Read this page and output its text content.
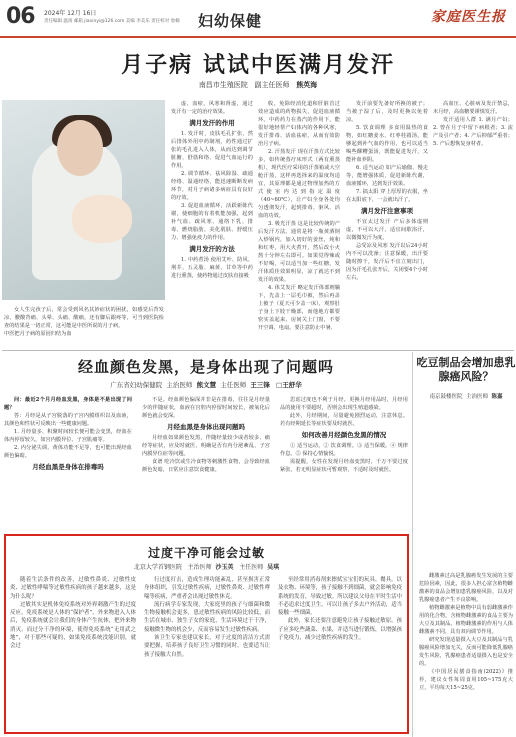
06 2024年 12月 16日
责任编辑 温靖 邮箱 jiaxinyi@126.com 美编 李美乐 责任校对 詹楠 妇幼保健	家庭医生报
月子病 试试中医满月发汗
南昌市生殖医院 副主任医师 熊英海

女人生完孩子后，常会受到风名其妙症状的困扰，如感觉后背发凉、腰酸背痛、头晕、头痛、酸痛，还有脚后跟疼等，可当到医院检查的结果是一切正常，这可能是中医所说的月子病。
中医把月子病的原因归结为血

虚、血瘀，风寒和肾虚，通过发汗有一定的治疗效果。

满月发汗的作用

1. 发汗时，皮肤毛孔扩张，然后排体外用中药制剂，药性通过扩张的毛孔进入人体，从而达到调节脏腑、舒筋和络、促进气血运行的作用。

2. 调节循环、祛风除湿、疏通经络、温通经络，能迅速断断发病环节，对月子病诸多病症具有良好的疗效。

3. 促进血液循环，活跃新陈代谢，使细胞的有着机能加强，起到补气血、疏风寒、通络下乳、排毒、燃烧脂肪、美化肌肤、舒缓压力、增强免疫力的作用。

满月发汗的方法

1. 中药煮汤 使用艾叶、防风、荆芥、五灵脂、麻黄、甘草等中药进行熏蒸，使药物通过皮肤直接吸

收，免除经消化道和肝脏首过效应造成的药物损失，促进血液循环。中药药力在蒸汽的作用下，能很好地轻帮产妇体内的各种风寒，发汗排毒、活血祛瘀，从而有效防治月子病。

2. 汗蒸发汗 现在汗蒸方式比较多，如传统蒸疗床形式（两有熏蒸机），现代医疗采用的汗蒸箱或大空舱汗蒸，这样再选择来的温度均适宜，其原理都是通过物理加热的方式使室内达到指定温度（40~60℃），让产妇全身各处均匀透彻发汗，起到排毒、驱风、活血的功效。

3. 吸光汗蒸 这是比较传统的产后发汗方法。通常是将一瓶黄酒倒入炒锅内，加入切好的姜丝，炖和和红枣，用大火煮开，然后改小火熬十分钟左右即可。如果觉得辣或不好喝，可以适当加一些红糖，发汗体质佳效果明显，凉了就达不到发汗的效果。

4. 体艾发汗 略定发汗体部则躺下，先盖上一层毛巾被，然后再盖上被子（夏天可少盖一床），观察肚子身上下肢干燥部，而他地方都要密实盖起来，房间关上门窗，不要开空调、电扇。要注意防止中暑、

发汗前要先备好所换的被子；当被子湿了后，及时更换以免着凉。

5. 饮食调理 多食用温热的食物，如红糖姜水、红枣桂圆汤，能够起到补气血的作用，也可以适当喝些醪糟蛋汤，既能促进发汗，又能补血养阴。

6. 适当运动 如产后瑜伽、慢走等，能增强体质，促进新陈代谢，血液循环，达到发汗效果。

7. 搞太阳 穿上厚厚的衣服，坐在太阳底下，一会就出汗了。

满月发汗注意事项

不宜太过发汗 产后多体虚则虚，不可以大汗，适宜间歇浴汗，以微微发汗为度。

忌受凉及风寒 发汗以后24小时内不可以洗澡；注意保暖，出汗要随时擦干，发汗后不宜立刻出门，因为汗毛孔张开后，关闭要4个小时左右。

高血压、心脏病及发汗禁忌，未月经，高血糖要谨慎发汗。

发汗适用人群 1. 满月产妇；2. 曾在月子中留下病根者；3. 流产及引产者；4. 产后抑郁严重者；5. 产后想恢复身材者。

经血颜色发黑，是身体出现了问题吗
广东省妇幼保健院 主治医师 熊文慧 主任医师 王三锋 □王舒华

问：最近2个月月经血发黑，身体是不是出现了问题？

答：月经是从子宫脱落的子宫内膜组织以及血液，其颜色和性状可反映出一些健康问题。

1. 月经量多、积聚时间较长便可能会变黑，经血在体内停留较久，如宫内膜异位、子宫肌瘤等。

2. 内分泌失调、黄体功能不足等，也可能出现经血颜色偏暗。

月经血黑是身体在排毒吗

不是。经血颜色偏深并非是在排毒，往往是月经量少的伴随症状，血液在宫腔内停留时间较长，被氧化后颜色就会变深。

月经血黑是身体出现问题吗

月经血如果颜色发黑，伴随经量较少或者较多、痛经等症状，应及时就医，明确是否有内分泌紊乱、子宫内膜异位症等问题。

食谱 吃冷饮或生冷食物等刺激性食物，会导致经血颜色发暗，日常应注意饮食健康。

思虑过度也不利于月经。更换月经用品时，月经用品的使用不要超时，否则会出现生殖道感染。

此外，月经期间，尽量避免剧烈运动，注意休息。若有经期延长等症状要及时就医。

如何改善月经颜色发黑的情况

① 适当运动。② 饮食调理。③ 适当保暖。④ 规律作息。⑤ 保持心情愉悦。

需提醒，女性在发现月经血变黑时，千万不要过度紧张，若无明显症状可暂观察，不适时及时就医。

吃豆制品会增加患乳腺癌风险？
南京鼓楼医院 主治医师 陈嘉

雌激素过高是乳腺癌发生发展的主要危险因素，因此，很多人担心富含植物雌激素的食品会增加患乳腺癌风险，以及对乳腺癌患者产生不良影响。

植物雌激素是植物中具有弱雌激素作用的化合物，含植物雌激素的食品主要为大豆及其制品。植物雌激素的作用与人体雌激素不同，具有双向调节作用。

研究发现适量摄入大豆及其制品与乳腺癌风险增加无关，反而可能降低乳腺癌发生风险，乳腺癌患者适量摄入也是安全的。

《中国居民膳食指南(2022)》推荐，建议女性每周食用105~175克大豆，平均每天15~25克。

过度干净可能会过敏
北京大学首钢医院 主治医师 沙玉英 主任医师 吴琪

随着生活条件的改善，过敏性鼻炎、过敏性皮炎、过敏性哮喘等过敏性疾病的孩子越来越多，这是为什么呢？

过敏其实是机体免疫系统对外界刺激产生的过度反应。免疫系统是人体的“保护者”，外来物进入人体后，免疫系统就会让我们的身体产生抗体，把外来物消灭。而过分干净的环境，使得免疫系统“无用武之地”，对于那些可疑的，如果免疫系统没能识别，就会过

行过度打击，造成生理功能紊乱，甚至损害正常身体组织，引发过敏性疾病，过敏性鼻炎、过敏性哮喘等疾病，严重者会出现过敏性休克。

流行病学专家发现，大家庭里的孩子与细菌和微生物接触机会更多，患过敏性疾病的风险比较低，而生活在城市、独生子女的家庭，生活环境过于干净，接触微生物的机会少，反而容易发生过敏性疾病。

该卫生专家也建议家长，对于过度的清洁方式需要把握，培养孩子良好卫生习惯的同时，也要适当让孩子接触大自然。

至经常用消毒剂来擦拭宝宝们的玩具、餐具，以及衣物、环境等，孩子接触不到细菌，就会影响免疫系统的发育，导致过敏。所以建议父母在平时生活中不必追求过度卫生，可以让孩子多去户外活动，适当接触一些细菌。

此外，家长还要注意避免让孩子接触过敏原，孩子应多吃些蔬菜、水果，并适当进行锻炼，以增强孩子免疫力，减少过敏性疾病的发生。
